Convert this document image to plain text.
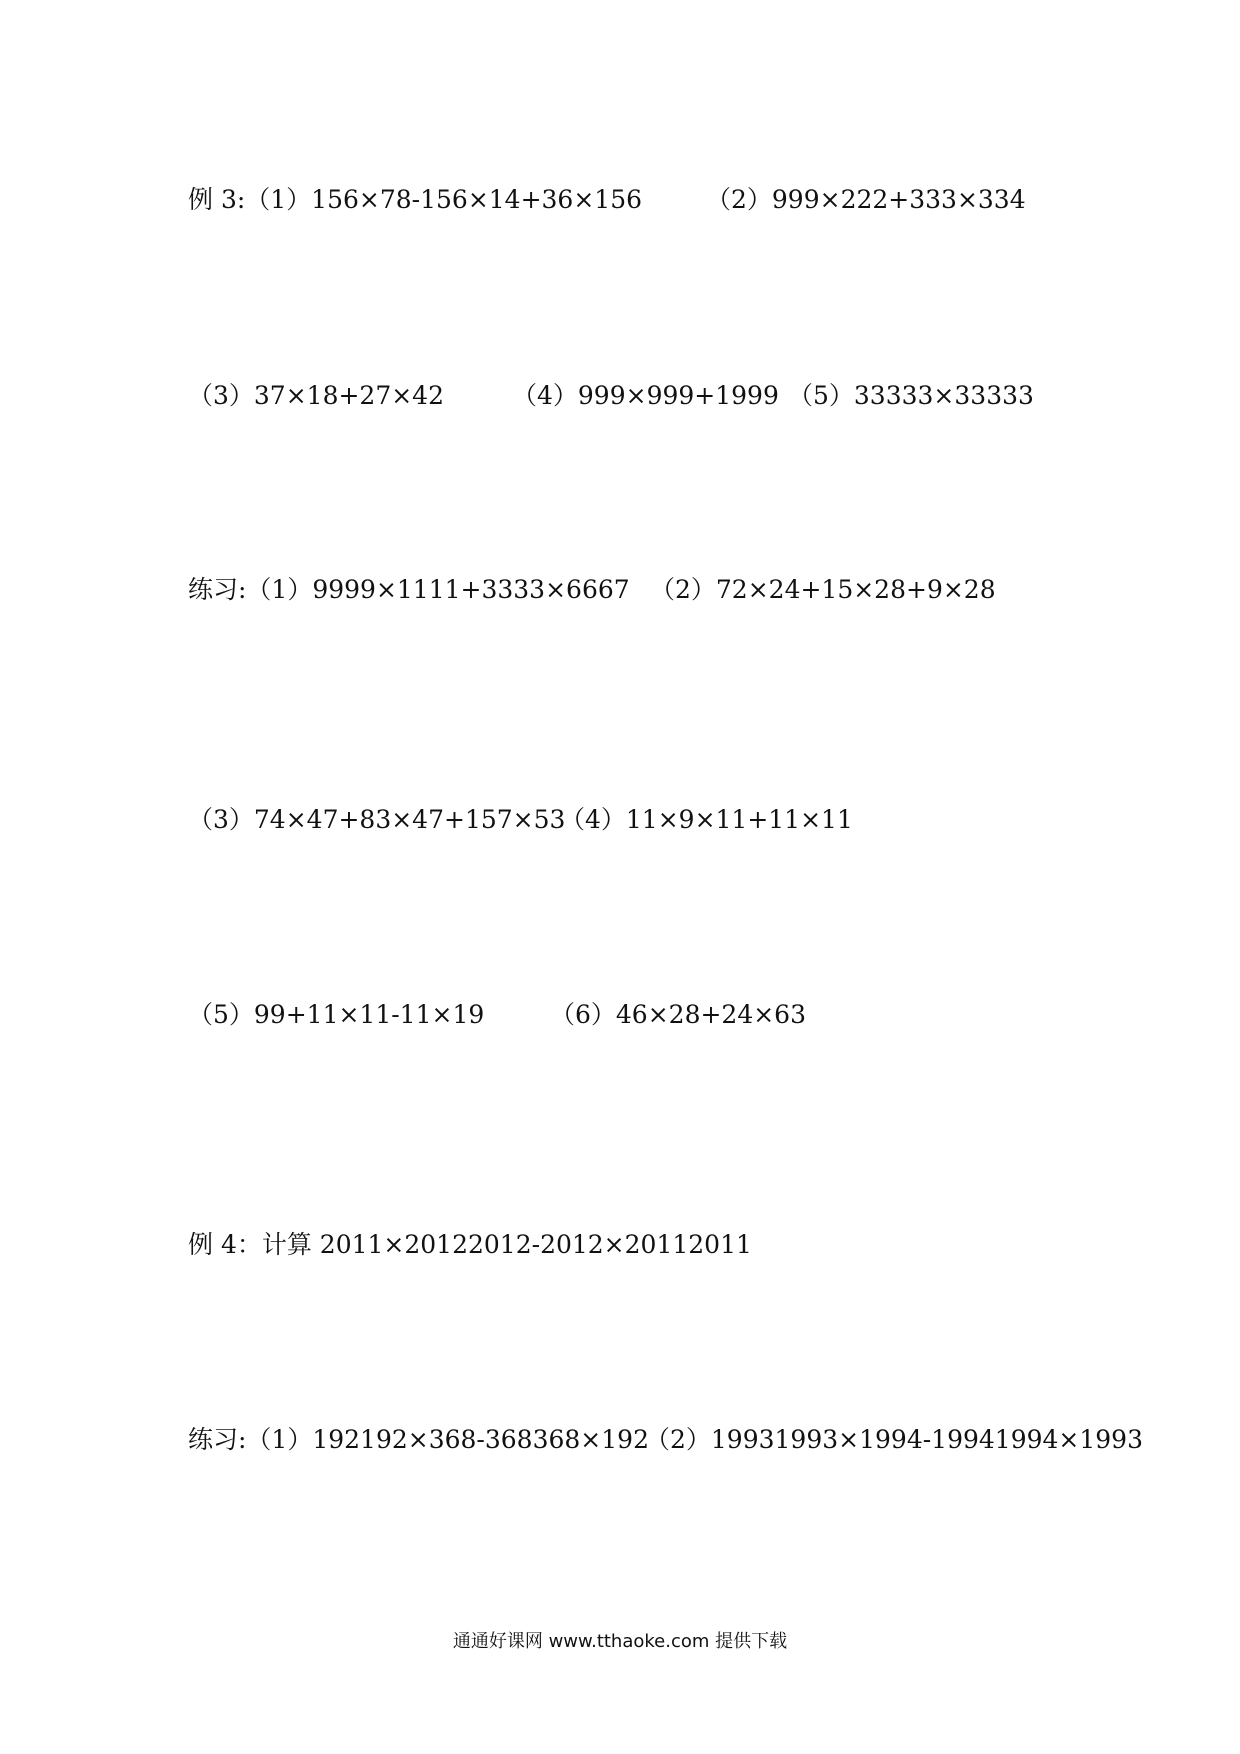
例 3:（1）156×78-156×14+36×156	（2）999×222+333×334
（3）37×18+27×42	（4）999×999+1999 （5）33333×33333
练习:（1）9999×1111+3333×6667 （2）72×24+15×28+9×28
（3）74×47+83×47+157×53
（4）11×9×11+11×11
（5）99+11×11-11×19	（6）46×28+24×63
例 4：计算 2011×20122012-2012×20112011
练习:（1）192192×368-368368×192
（2）19931993×1994-19941994×1993
通通好课网 www.tthaoke.com 提供下载
